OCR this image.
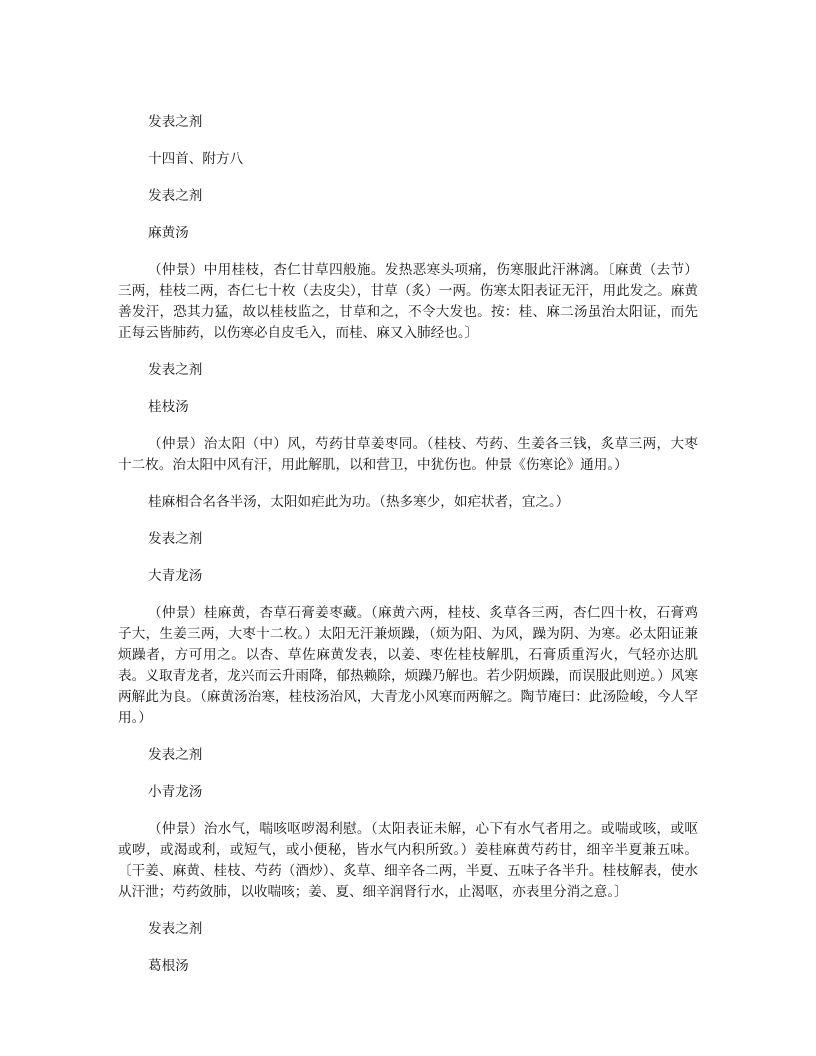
发表之剂

十四首、附方八

发表之剂

麻黄汤

（仲景）中用桂枝，杏仁甘草四般施。发热恶寒头项痛，伤寒服此汗淋漓。〔麻黄（去节）三两，桂枝二两，杏仁七十枚（去皮尖），甘草（炙）一两。伤寒太阳表证无汗，用此发之。麻黄善发汗，恐其力猛，故以桂枝监之，甘草和之，不令大发也。按：桂、麻二汤虽治太阳证，而先正每云皆肺药，以伤寒必自皮毛入，而桂、麻又入肺经也。〕

发表之剂

桂枝汤

（仲景）治太阳（中）风，芍药甘草姜枣同。（桂枝、芍药、生姜各三钱，炙草三两，大枣十二枚。治太阳中风有汗，用此解肌，以和营卫，中犹伤也。仲景《伤寒论》通用。）

桂麻相合名各半汤，太阳如疟此为功。（热多寒少，如疟状者，宜之。）

发表之剂

大青龙汤

（仲景）桂麻黄，杏草石膏姜枣藏。（麻黄六两，桂枝、炙草各三两，杏仁四十枚，石膏鸡子大，生姜三两，大枣十二枚。）太阳无汗兼烦躁，（烦为阳、为风，躁为阴、为寒。必太阳证兼烦躁者，方可用之。以杏、草佐麻黄发表，以姜、枣佐桂枝解肌，石膏质重泻火，气轻亦达肌表。义取青龙者，龙兴而云升雨降，郁热赖除，烦躁乃解也。若少阴烦躁，而误服此则逆。）风寒两解此为良。（麻黄汤治寒，桂枝汤治风，大青龙小风寒而两解之。陶节庵曰：此汤险峻，今人罕用。）

发表之剂

小青龙汤

（仲景）治水气，喘咳呕哕渴利慰。（太阳表证未解，心下有水气者用之。或喘或咳，或呕或哕，或渴或利，或短气，或小便秘，皆水气内积所致。）姜桂麻黄芍药甘，细辛半夏兼五味。〔干姜、麻黄、桂枝、芍药（酒炒）、炙草、细辛各二两，半夏、五味子各半升。桂枝解表，使水从汗泄；芍药敛肺，以收喘咳；姜、夏、细辛润肾行水，止渴呕，亦表里分消之意。〕

发表之剂

葛根汤
